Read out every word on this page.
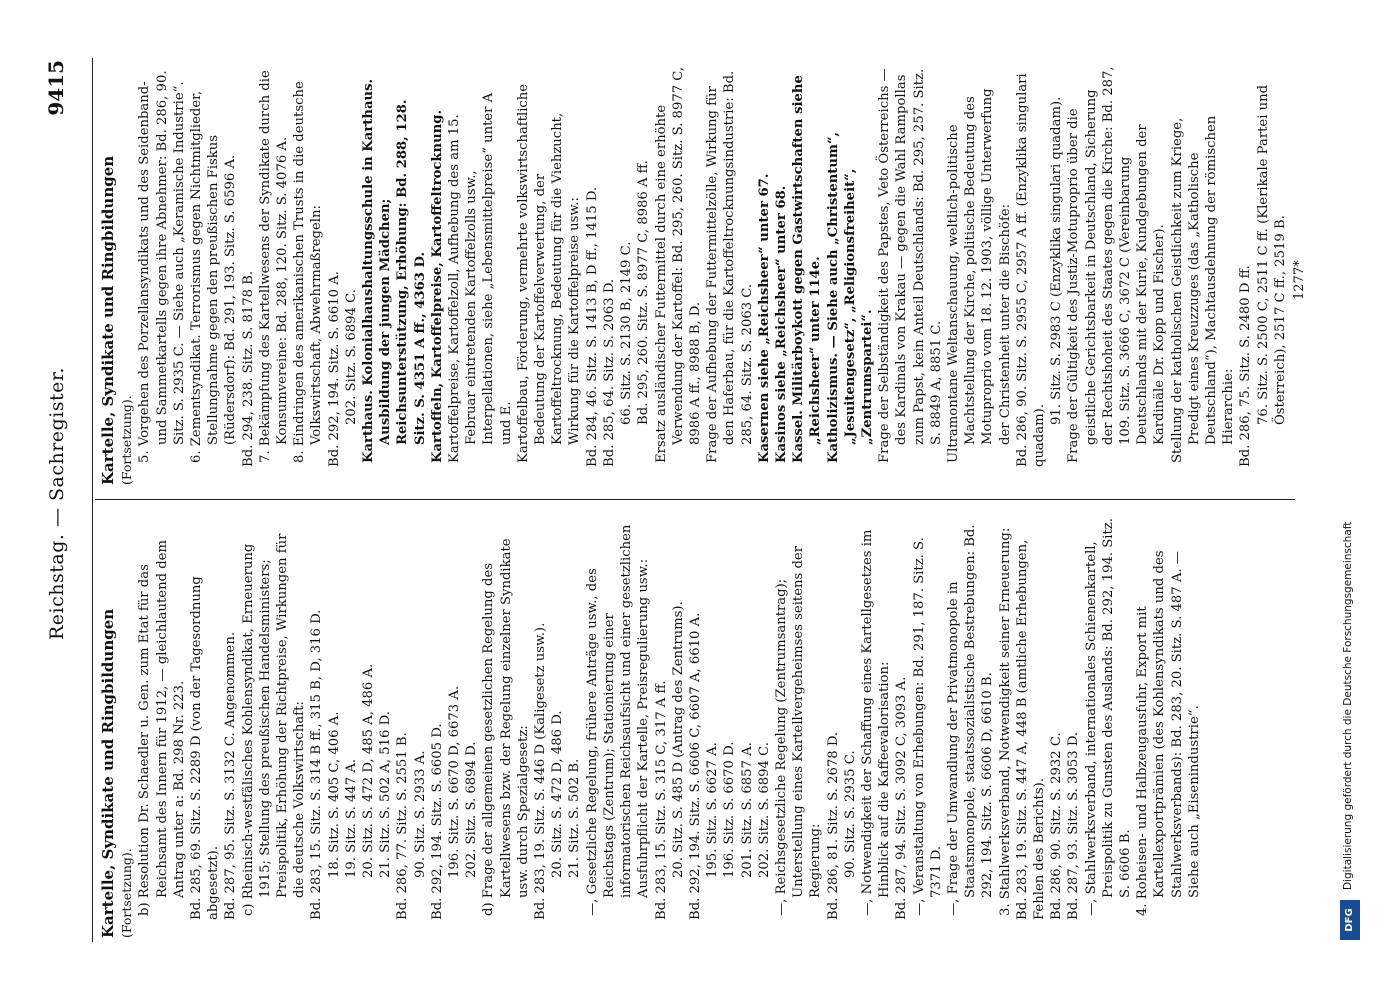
Reichstag. — Sachregister.
9415

Kartelle, Syndikate und Ringbildungen (Fortsetzung). b) Resolution Dr. Schaedler u. Gen. zum Etat für das Reichsamt des Innern für 1912, — gleichlautend dem Antrag unter a: Bd. 298 Nr. 223. Bd. 285, 69. Sitz. S. 2289 D (von der Tagesordnung abgesetzt). Bd. 287, 95. Sitz. S. 3132 C. Angenommen. c) Rheinisch-westfälisches Kohlensyndikat, Erneuerung 1915; Stellung des preußischen Handelsministers; Preispolitik, Erhöhung der Richtpreise, Wirkungen für die deutsche Volkswirtschaft: Bd. 283, 15. Sitz. S. 314 B ff., 315 B, D, 316 D. 18. Sitz. S. 405 C, 406 A. 19. Sitz. S. 447 A. 20. Sitz. S. 472 D, 485 A, 486 A. 21. Sitz. S. 502 A, 516 D. Bd. 286, 77. Sitz. S. 2551 B. 90. Sitz. S. 2933 A. Bd. 292, 194. Sitz. S. 6605 D. 196. Sitz. S. 6670 D, 6673 A. 202. Sitz. S. 6894 D. d) Frage der allgemeinen gesetzlichen Regelung des Kartellwesens bzw. der Regelung einzelner Syndikate usw. durch Spezialgesetz: Bd. 283, 19. Sitz. S. 446 D (Kaligesetz usw.). 20. Sitz. S. 472 D, 486 D. 21. Sitz. S. 502 B. —, Gesetzliche Regelung, frühere Anträge usw., des Reichstags (Zentrum); Stationierung einer informatorischen Reichsaufsicht und einer gesetzlichen Ausfuhrpflicht der Kartelle, Preisregulierung usw.: Bd. 283, 15. Sitz. S. 315 C, 317 A ff. 20. Sitz. S. 485 D (Antrag des Zentrums). Bd. 292, 194. Sitz. S. 6606 C, 6607 A, 6610 A. 195. Sitz. S. 6627 A. 196. Sitz. S. 6670 D. 201. Sitz. S. 6857 A. 202. Sitz. S. 6894 C. —, Reichsgesetzliche Regelung (Zentrumsantrag); Unterstellung eines Kartellvergeheimses seitens der Regierung: Bd. 286, 81. Sitz. S. 2678 D. 90. Sitz. S. 2935 C. —, Notwendigkeit der Schaffung eines Kartellgesetzes im Hinblick auf die Kaffeevalorisation: Bd. 287, 94. Sitz. S. 3092 C, 3093 A. —, Veranstaltung von Erhebungen: Bd. 291, 187. Sitz. S. 7371 D. —, Frage der Umwandlung der Privatmonopole in Staatsmonopole, staatssozialistische Bestrebungen: Bd. 292, 194. Sitz. S. 6606 D, 6610 B. 3. Stahlwerksverband, Notwendigkeit seiner Erneuerung: Bd. 283, 19. Sitz. S. 447 A, 448 B (amtliche Erhebungen, Fehlen des Berichts). Bd. 286, 90. Sitz. S. 2932 C. Bd. 287, 93. Sitz. S. 3053 D. —, Stahlwerksverband, internationales Schienenkartell, Preispolitik zu Gunsten des Auslands: Bd. 292, 194. Sitz. S. 6606 B. 4. Roheisen- und Halbzeugausfuhr, Export mit Kartellexportprämien (des Kohlensyndikats und des Stahlwerksverbands): Bd. 283, 20. Sitz. S. 487 A. — Siehe auch „Eisenindustrie“.

Kartelle, Syndikate und Ringbildungen (Fortsetzung). 5. Vorgehen des Porzellansyndikats und des Seidenband- und Sammetkartells gegen ihre Abnehmer: Bd. 286, 90. Sitz. S. 2935 C. — Siehe auch „Keramische Industrie“. 6. Zementsyndikat. Terrorismus gegen Nichtmitglieder, Stellungnahme gegen den preußischen Fiskus (Rüdersdorf): Bd. 291, 193. Sitz. S. 6596 A. Bd. 294, 238. Sitz. S. 8178 B. 7. Bekämpfung des Kartellwesens der Syndikate durch die Konsumvereine: Bd. 288, 120. Sitz. S. 4076 A. 8. Eindringen des amerikanischen Trusts in die deutsche Volkswirtschaft, Abwehrmaßregeln: Bd. 292, 194. Sitz. S. 6610 A. 202. Sitz. S. 6894 C. Karthaus. Kolonialhaushaltungsschule in Karthaus. Ausbildung der jungen Mädchen; Reichsunterstützung, Erhöhung: Bd. 288, 128. Sitz. S. 4351 A ff., 4363 D. Kartoffeln, Kartoffelpreise, Kartoffeltrocknung. Kartoffelpreise, Kartoffelzoll, Aufhebung des am 15. Februar eintretenden Kartoffelzolls usw., Interpellationen, siehe „Lebensmittelpreise“ unter A und E. Kartoffelbau, Förderung, vermehrte volkswirtschaftliche Bedeutung der Kartoffelverwertung, der Kartoffeltrocknung, Bedeutung für die Viehzucht, Wirkung für die Kartoffelpreise usw.: Bd. 284, 46. Sitz. S. 1413 B, D ff., 1415 D. Bd. 285, 64. Sitz. S. 2063 D. 66. Sitz. S. 2130 B, 2149 C. Bd. 295, 260. Sitz. S. 8977 C, 8986 A ff. Ersatz ausländischer Futtermittel durch eine erhöhte Verwendung der Kartoffel: Bd. 295, 260. Sitz. S. 8977 C, 8986 A ff., 8988 B, D. Frage der Aufhebung der Futtermittelzölle, Wirkung für den Haferbau, für die Kartoffeltrocknungsindustrie: Bd. 285, 64. Sitz. S. 2063 C. Kasernen siehe „Reichsheer“ unter 67. Kasinos siehe „Reichsheer“ unter 68. Kassel. Militärboykott gegen Gastwirtschaften siehe „Reichsheer“ unter 114e. Katholizismus. — Siehe auch „Christentum“, „Jesuitengesetz“, „Religionsfreiheit“, „Zentrumspartei“. Frage der Selbständigkeit des Papstes, Veto Österreichs — des Kardinals von Krakau — gegen die Wahl Rampollas zum Papst, kein Anteil Deutschlands: Bd. 295, 257. Sitz. S. 8849 A, 8851 C. Ultramontane Weltanschauung, weltlich-politische Machtstellung der Kirche, politische Bedeutung des Motuproprio vom 18. 12. 1903, völlige Unterwerfung der Christenheit unter die Bischöfe: Bd. 286, 90. Sitz. S. 2955 C, 2957 A ff. (Enzyklika singulari quadam).

91. Sitz. S. 2983 C (Enzyklika singulari quadam). Frage der Gültigkeit des Justiz-Motuproprio über die geistliche Gerichtsbarkeit in Deutschland, Sicherung der Rechtshoheit des Staates gegen die Kirche: Bd. 287, 109. Sitz. S. 3666 C, 3672 C (Vereinbarung Deutschlands mit der Kurie, Kundgebungen der Kardinäle Dr. Kopp und Fischer). Stellung der katholischen Geistlichkeit zum Kriege, Predigt eines Kreuzzuges (das „Katholische Deutschland“), Machtausdehnung der römischen Hierarchie: Bd. 286, 75. Sitz. S. 2480 D ff. 76. Sitz. S. 2500 C, 2511 C ff. (Klerikale Partei und Österreich), 2517 C ff., 2519 B. 1277*
DFG
Digitalisierung gefördert durch die Deutsche Forschungsgemeinschaft
